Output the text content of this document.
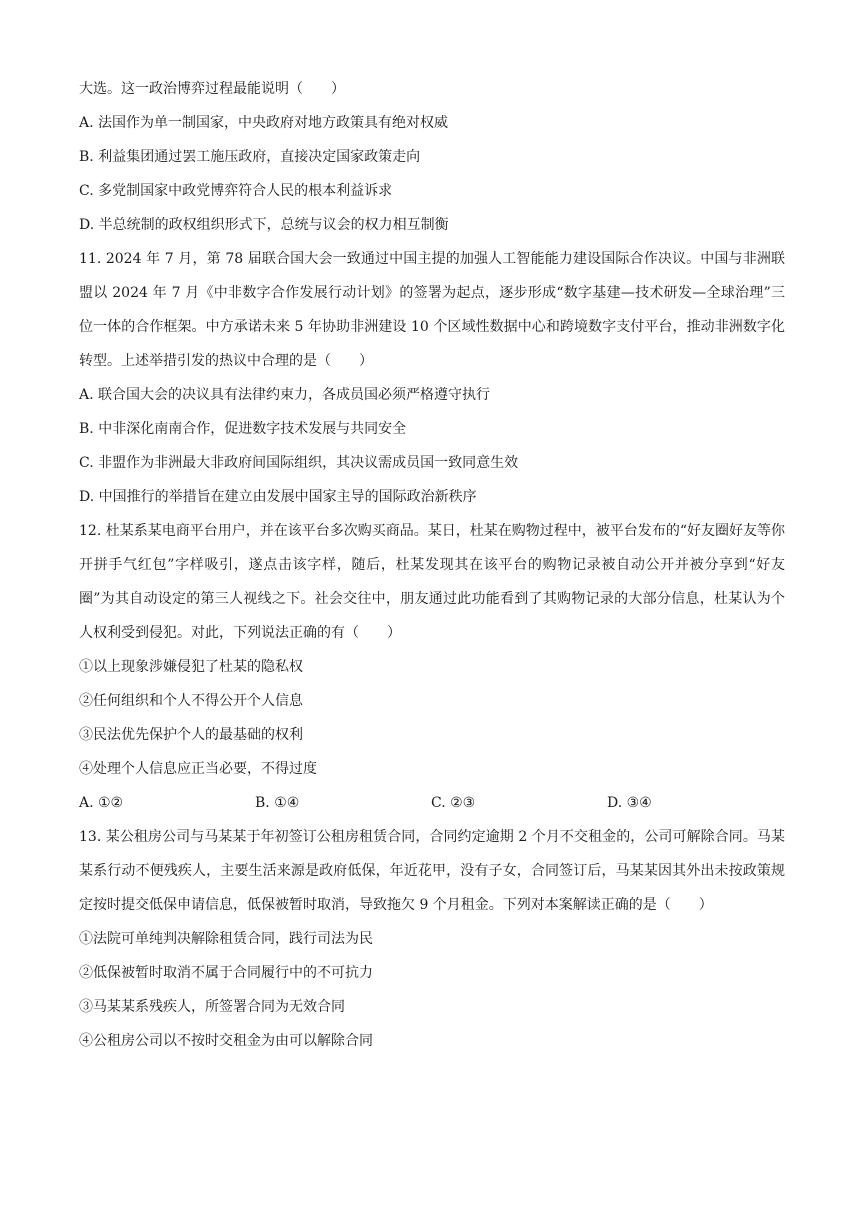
大选。这一政治博弈过程最能说明（　　）
A. 法国作为单一制国家，中央政府对地方政策具有绝对权威
B. 利益集团通过罢工施压政府，直接决定国家政策走向
C. 多党制国家中政党博弈符合人民的根本利益诉求
D. 半总统制的政权组织形式下，总统与议会的权力相互制衡
11. 2024 年 7 月，第 78 届联合国大会一致通过中国主提的加强人工智能能力建设国际合作决议。中国与非洲联盟以 2024 年 7 月《中非数字合作发展行动计划》的签署为起点，逐步形成“数字基建—技术研发—全球治理”三位一体的合作框架。中方承诺未来 5 年协助非洲建设 10 个区域性数据中心和跨境数字支付平台，推动非洲数字化转型。上述举措引发的热议中合理的是（　　）
A. 联合国大会的决议具有法律约束力，各成员国必须严格遵守执行
B. 中非深化南南合作，促进数字技术发展与共同安全
C. 非盟作为非洲最大非政府间国际组织，其决议需成员国一致同意生效
D. 中国推行的举措旨在建立由发展中国家主导的国际政治新秩序
12. 杜某系某电商平台用户，并在该平台多次购买商品。某日，杜某在购物过程中，被平台发布的“好友圈好友等你开拼手气红包”字样吸引，遂点击该字样，随后，杜某发现其在该平台的购物记录被自动公开并被分享到“好友圈”为其自动设定的第三人视线之下。社会交往中，朋友通过此功能看到了其购物记录的大部分信息，杜某认为个人权利受到侵犯。对此，下列说法正确的有（　　）
①以上现象涉嫌侵犯了杜某的隐私权
②任何组织和个人不得公开个人信息
③民法优先保护个人的最基础的权利
④处理个人信息应正当必要，不得过度
A. ①②	B. ①④	C. ②③	D. ③④
13. 某公租房公司与马某某于年初签订公租房租赁合同，合同约定逾期 2 个月不交租金的，公司可解除合同。马某某系行动不便残疾人，主要生活来源是政府低保，年近花甲，没有子女，合同签订后，马某某因其外出未按政策规定按时提交低保申请信息，低保被暂时取消，导致拖欠 9 个月租金。下列对本案解读正确的是（　　）
①法院可单纯判决解除租赁合同，践行司法为民
②低保被暂时取消不属于合同履行中的不可抗力
③马某某系残疾人，所签署合同为无效合同
④公租房公司以不按时交租金为由可以解除合同
